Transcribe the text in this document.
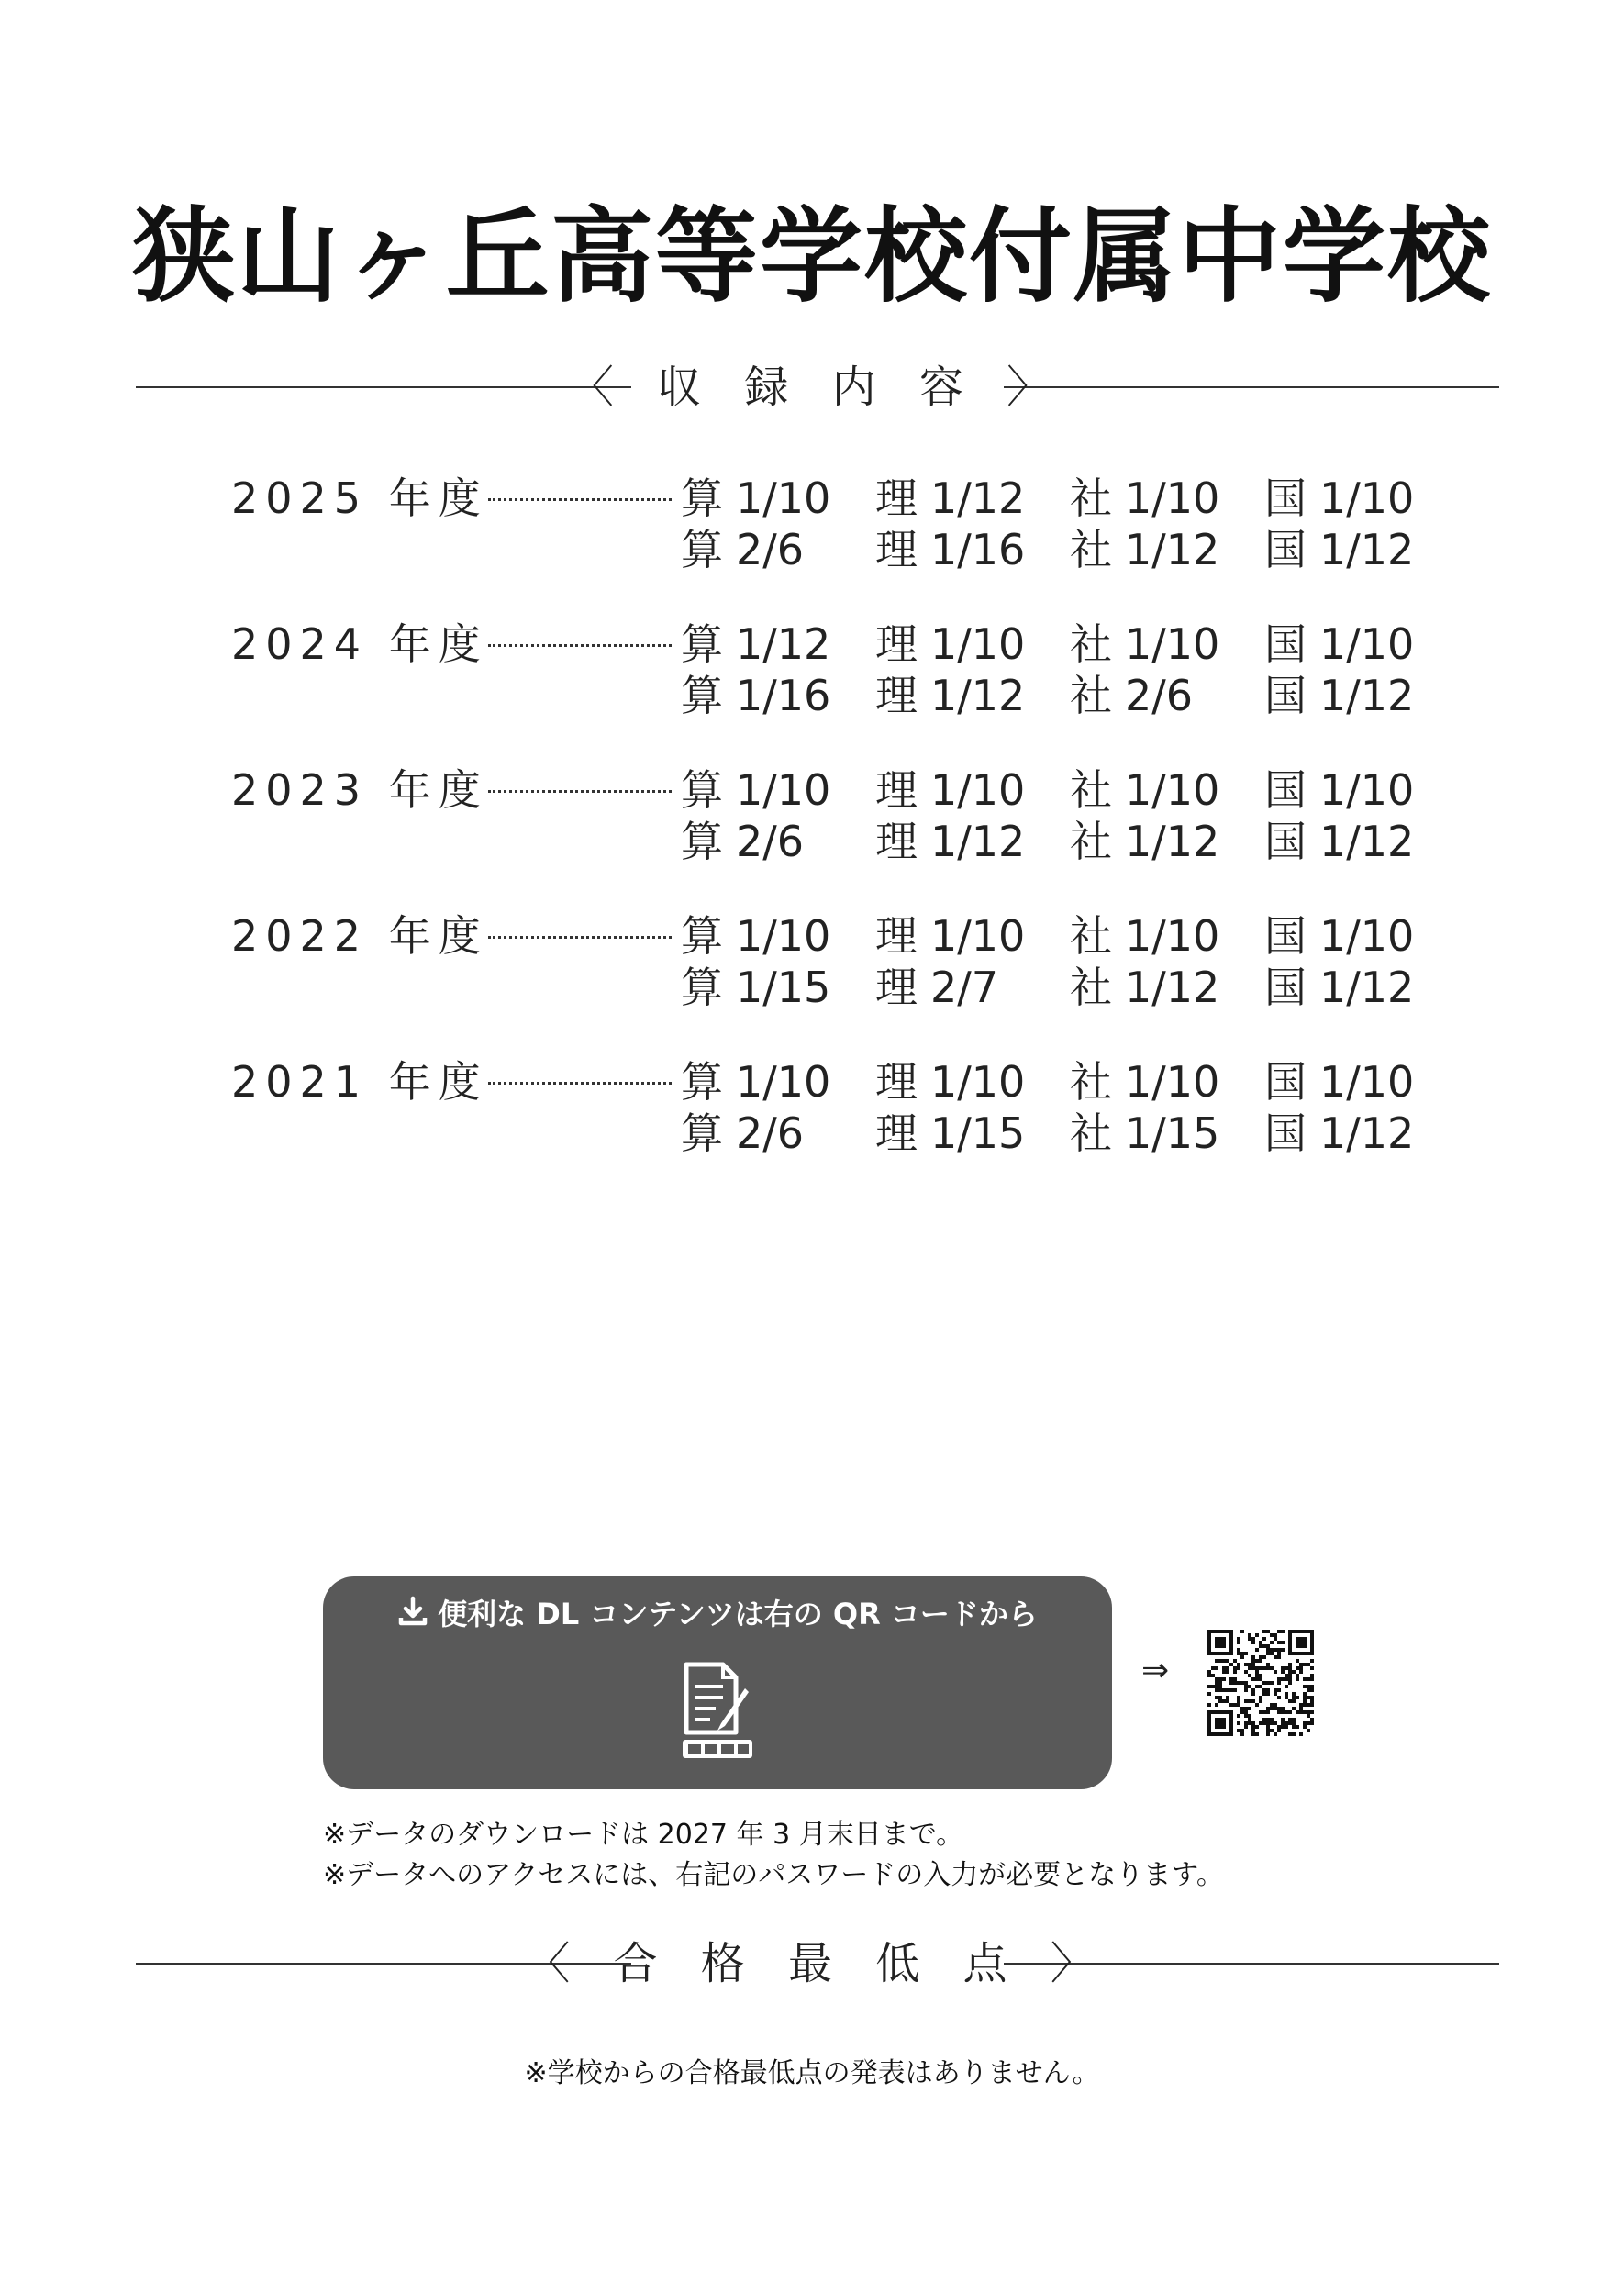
狭山ヶ丘高等学校付属中学校
〈 収 録 内 容 〉
2025 年度	算 1/10	理 1/12	社 1/10	国 1/10
算 2/6	理 1/16	社 1/12	国 1/12
2024 年度	算 1/12	理 1/10	社 1/10	国 1/10
算 1/16	理 1/12	社 2/6	国 1/12
2023 年度	算 1/10	理 1/10	社 1/10	国 1/10
算 2/6	理 1/12	社 1/12	国 1/12
2022 年度	算 1/10	理 1/10	社 1/10	国 1/10
算 1/15	理 2/7	社 1/12	国 1/12
2021 年度	算 1/10	理 1/10	社 1/10	国 1/10
算 2/6	理 1/15	社 1/15	国 1/12
便利な DL コンテンツは右の QR コードから
⇒
※データのダウンロードは 2027 年 3 月末日まで。
※データへのアクセスには、右記のパスワードの入力が必要となります。
〈 合 格 最 低 点 〉
※学校からの合格最低点の発表はありません。
